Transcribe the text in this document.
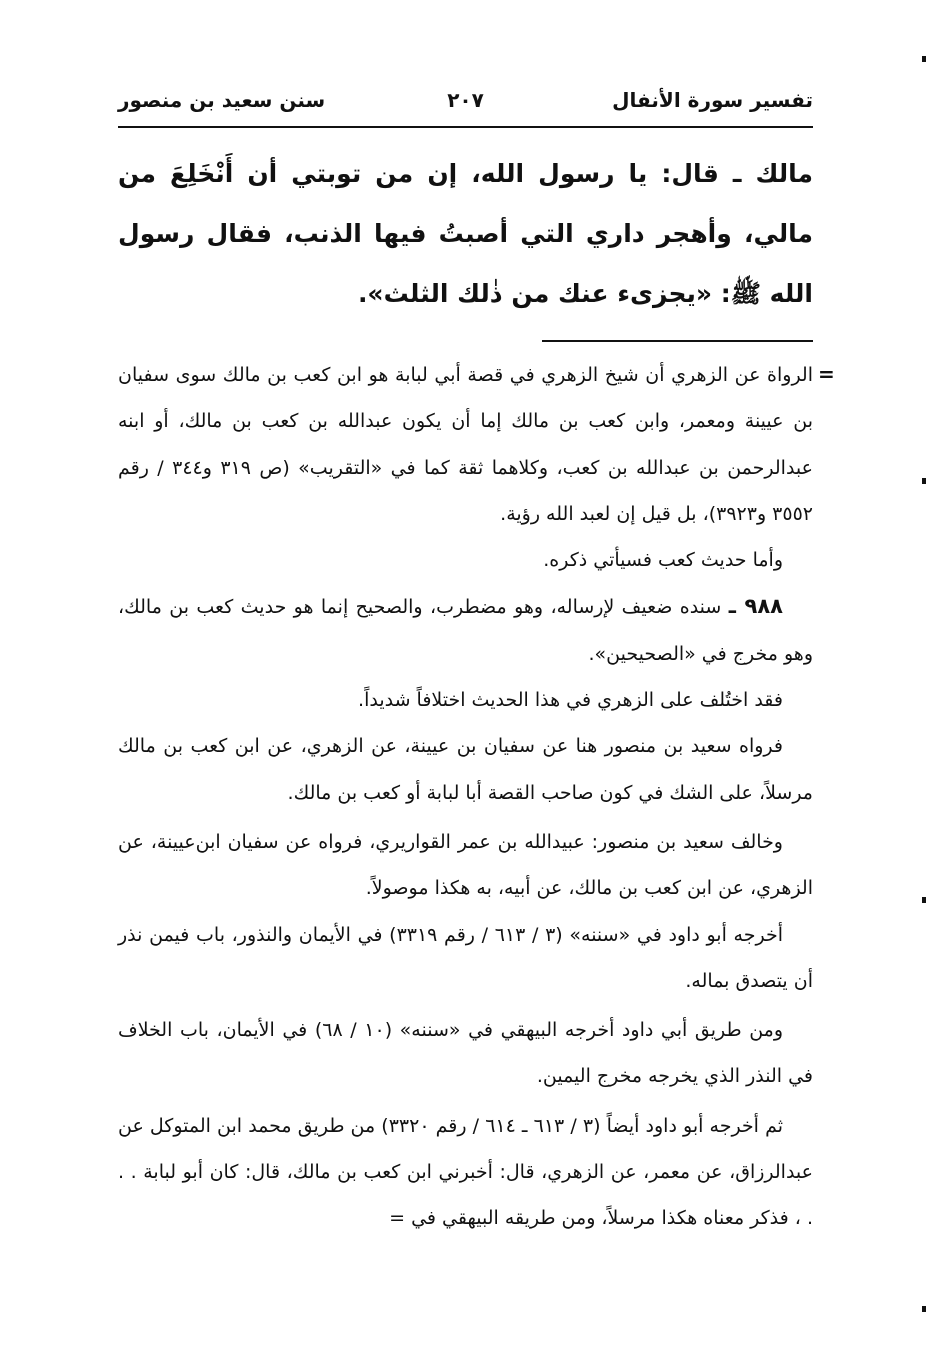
تفسير سورة الأنفال
٢٠٧
سنن سعيد بن منصور

مالك ـ قال: يا رسول الله، إن من توبتي أن أَنْخَلِعَ من مالي، وأهجر داري التي أصبتُ فيها الذنب، فقال رسول الله ﷺ: «يجزىء عنك من ذٰلك الثلث».

=

الرواة عن الزهري أن شيخ الزهري في قصة أبي لبابة هو ابن كعب بن مالك سوى سفيان بن عيينة ومعمر، وابن كعب بن مالك إما أن يكون عبدالله بن كعب بن مالك، أو ابنه عبدالرحمن بن عبدالله بن كعب، وكلاهما ثقة كما في «التقريب» (ص ٣١٩ و٣٤٤ / رقم ٣٥٥٢ و٣٩٢٣)، بل قيل إن لعبد الله رؤية.

وأما حديث كعب فسيأتي ذكره.

٩٨٨ ـ سنده ضعيف لإرساله، وهو مضطرب، والصحيح إنما هو حديث كعب بن مالك، وهو مخرج في «الصحيحين».

فقد اختُلف على الزهري في هذا الحديث اختلافاً شديداً.

فرواه سعيد بن منصور هنا عن سفيان بن عيينة، عن الزهري، عن ابن كعب بن مالك مرسلاً، على الشك في كون صاحب القصة أبا لبابة أو كعب بن مالك.

وخالف سعيد بن منصور: عبيدالله بن عمر القواريري، فرواه عن سفيان ابن‌عيينة، عن الزهري، عن ابن كعب بن مالك، عن أبيه، به هكذا موصولاً.

أخرجه أبو داود في «سننه» (٣ / ٦١٣ / رقم ٣٣١٩) في الأيمان والنذور، باب فيمن نذر أن يتصدق بماله.

ومن طريق أبي داود أخرجه البيهقي في «سننه» (١٠ / ٦٨) في الأيمان، باب الخلاف في النذر الذي يخرجه مخرج اليمين.

ثم أخرجه أبو داود أيضاً (٣ / ٦١٣ ـ ٦١٤ / رقم ٣٣٢٠) من طريق محمد ابن المتوكل عن عبدالرزاق، عن معمر، عن الزهري، قال: أخبرني ابن كعب بن مالك، قال: كان أبو لبابة . . . ، فذكر معناه هكذا مرسلاً، ومن طريقه البيهقي في =
